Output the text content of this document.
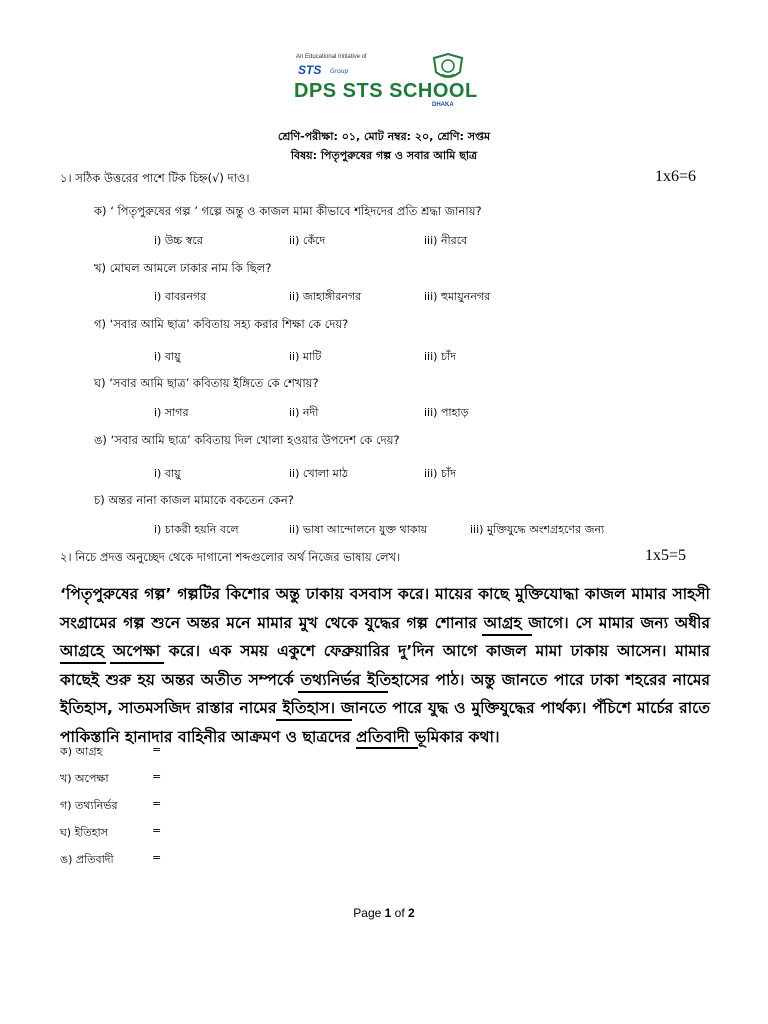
An Educational Initiative of
STS Group
DPS STS SCHOOL
DHAKA
শ্রেণি-পরীক্ষা: ০১, মোট নম্বর: ২০, শ্রেণি: সপ্তম
বিষয়: পিতৃপুরুষের গল্প ও সবার আমি ছাত্র
১। সঠিক উত্তরের পাশে টিক চিহ্ন(√) দাও।	1x6=6
ক) ‘ পিতৃপুরুষের গল্প ’ গল্পে অন্তু ও কাজল মামা কীভাবে শহিদদের প্রতি শ্রদ্ধা জানায়?
i) উচ্চ স্বরে	ii) কেঁদে	iii) নীরবে
খ) মোঘল আমলে ঢাকার নাম কি ছিল?
i) বাবরনগর	ii) জাহাঙ্গীরনগর	iii) হুমায়ুননগর
গ) ‘সবার আমি ছাত্র’ কবিতায় সহ্য করার শিক্ষা কে দেয়?
i) বায়ু	ii) মাটি	iii) চাঁদ
ঘ) ‘সবার আমি ছাত্র’ কবিতায় ইঙ্গিতে কে শেখায়?
i) সাগর	ii) নদী	iii) পাহাড়
ঙ) ‘সবার আমি ছাত্র’ কবিতায় দিল খোলা হওয়ার উপদেশ কে দেয়?
i) বায়ু	ii) খোলা মাঠ	iii) চাঁদ
চ) অন্তর নানা কাজল মামাকে বকতেন কেন?
i) চাকরী হয়নি বলে	ii) ভাষা আন্দোলনে যুক্ত থাকায়	iii) মুক্তিযুদ্ধে অংশগ্রহণের জন্য
২। নিচে প্রদত্ত অনুচ্ছেদ থেকে দাগানো শব্দগুলোর অর্থ নিজের ভাষায় লেখ।	1x5=5
‘পিতৃপুরুষের গল্প’ গল্পটির কিশোর অন্তু ঢাকায় বসবাস করে। মায়ের কাছে মুক্তিযোদ্ধা কাজল মামার সাহসী সংগ্রামের গল্প শুনে অন্তর মনে মামার মুখ থেকে যুদ্ধের গল্প শোনার আগ্রহ জাগে। সে মামার জন্য অধীর আগ্রহে অপেক্ষা করে। এক সময় একুশে ফেব্রুয়ারির দু’দিন আগে কাজল মামা ঢাকায় আসেন। মামার কাছেই শুরু হয় অন্তর অতীত সম্পর্কে তথ্যনির্ভর ইতিহাসের পাঠ। অন্তু জানতে পারে ঢাকা শহরের নামের ইতিহাস, সাতমসজিদ রাস্তার নামের ইতিহাস। জানতে পারে যুদ্ধ ও মুক্তিযুদ্ধের পার্থক্য। পঁচিশে মার্চের রাতে পাকিস্তানি হানাদার বাহিনীর আক্রমণ ও ছাত্রদের প্রতিবাদী ভূমিকার কথা।
ক) আগ্রহ	=
খ) অপেক্ষা	=
গ) তথ্যনির্ভর	=
ঘ) ইতিহাস	=
ঙ) প্রতিবাদী	=
Page 1 of 2
